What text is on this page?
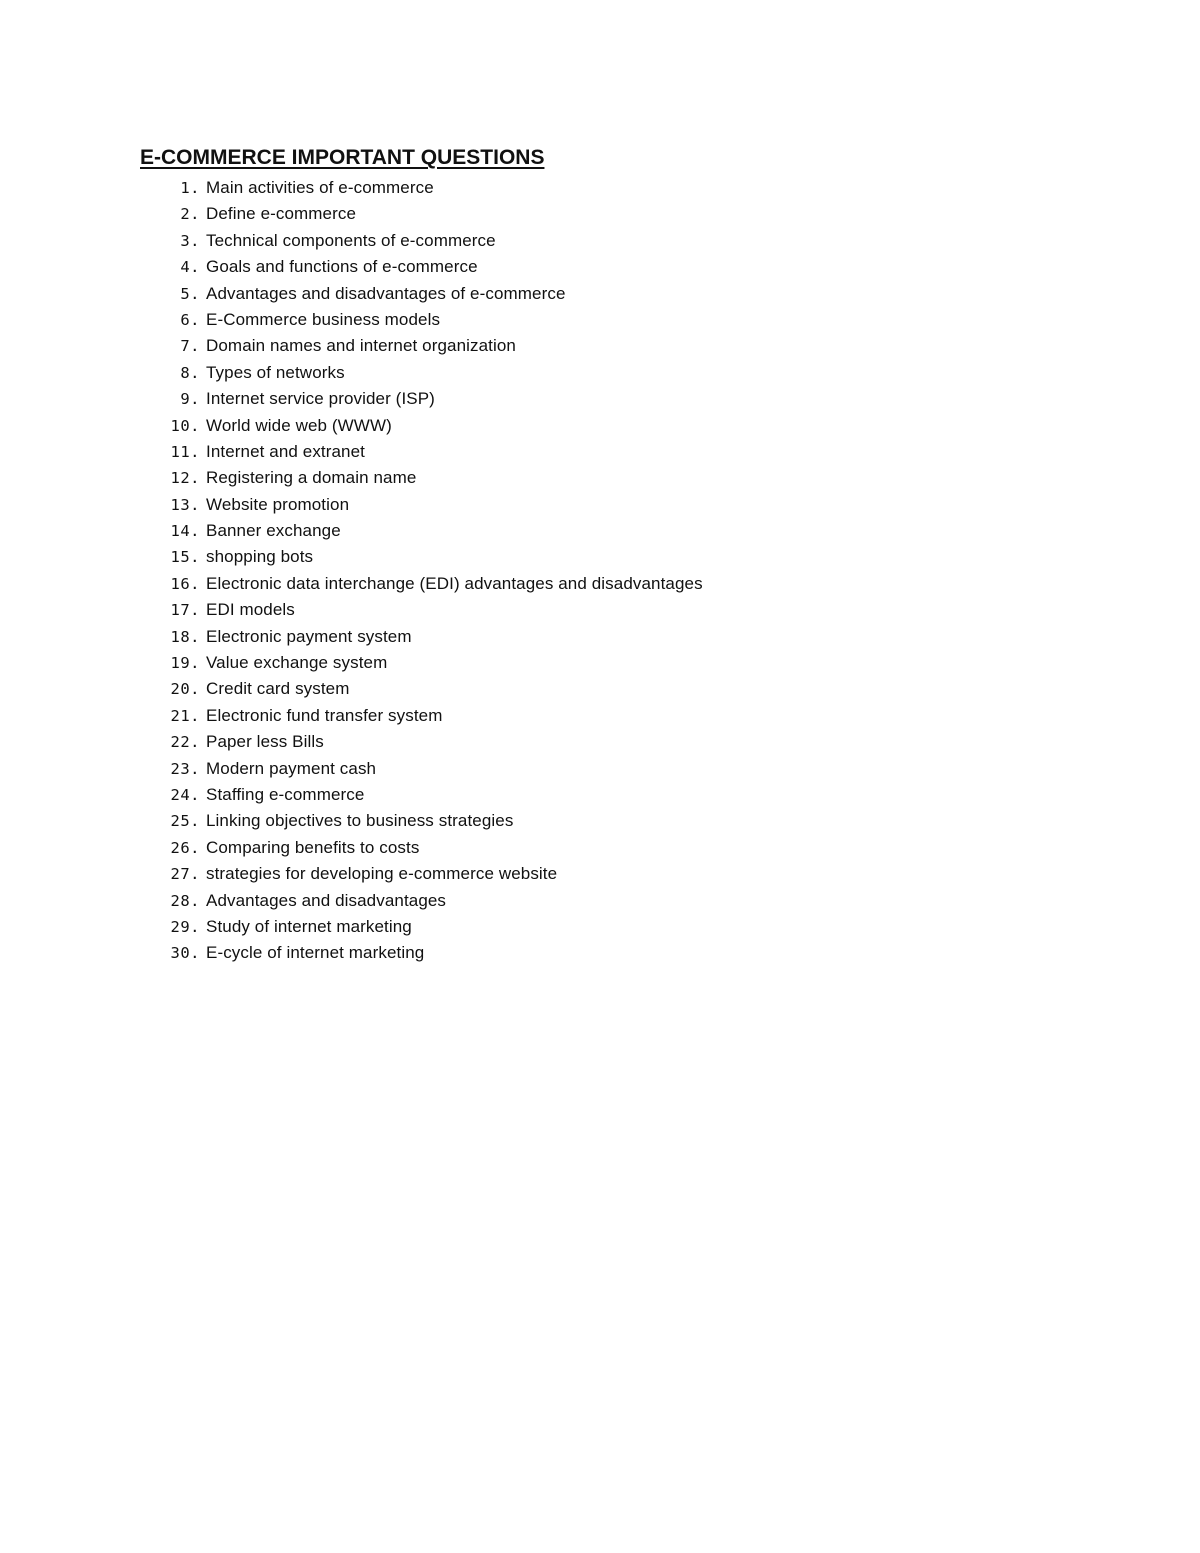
E-COMMERCE IMPORTANT QUESTIONS
1. Main activities of e-commerce
2. Define e-commerce
3. Technical components of e-commerce
4. Goals and functions of e-commerce
5. Advantages and disadvantages of e-commerce
6. E-Commerce business models
7. Domain names and internet organization
8. Types of networks
9. Internet service provider (ISP)
10. World wide web (WWW)
11. Internet and extranet
12. Registering a domain name
13. Website promotion
14. Banner exchange
15. shopping bots
16. Electronic data interchange (EDI) advantages and disadvantages
17. EDI models
18. Electronic payment system
19. Value exchange system
20. Credit card system
21. Electronic fund transfer system
22. Paper less Bills
23. Modern payment cash
24. Staffing e-commerce
25. Linking objectives to business strategies
26. Comparing benefits to costs
27. strategies for developing e-commerce website
28. Advantages and disadvantages
29. Study of internet marketing
30. E-cycle of internet marketing
